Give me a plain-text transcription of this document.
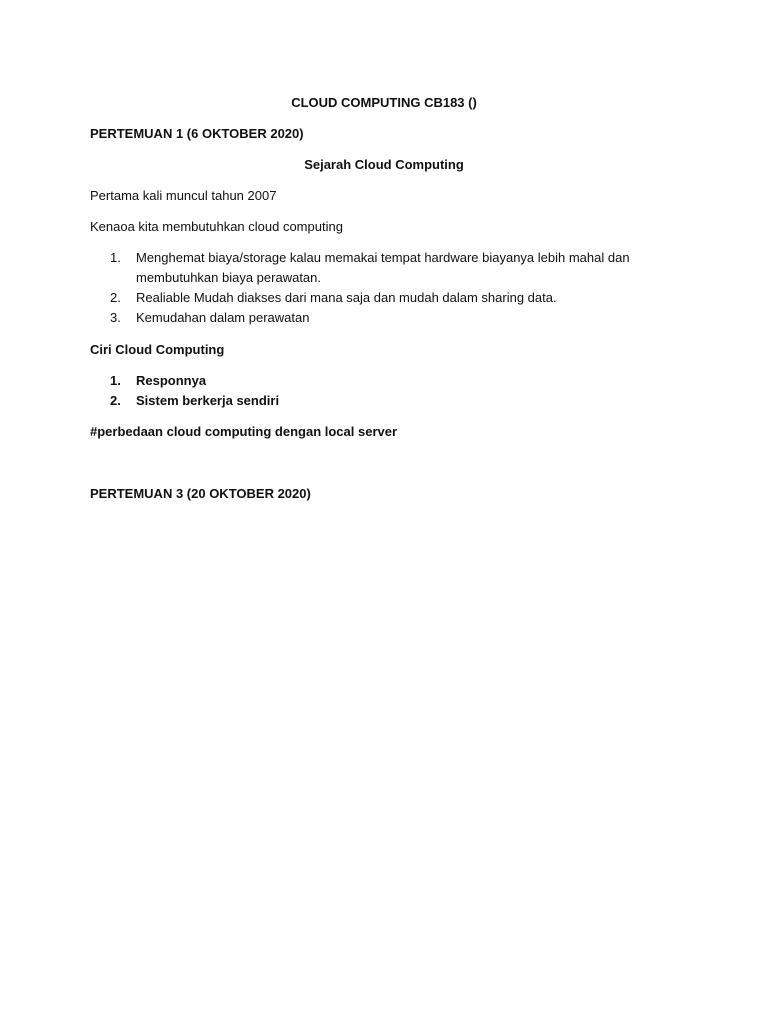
CLOUD COMPUTING CB183 ()
PERTEMUAN 1 (6 OKTOBER 2020)
Sejarah Cloud Computing
Pertama kali muncul tahun 2007
Kenaoa kita membutuhkan cloud computing
1. Menghemat biaya/storage kalau memakai tempat hardware biayanya lebih mahal dan membutuhkan biaya perawatan.
2. Realiable Mudah diakses dari mana saja dan mudah dalam sharing data.
3. Kemudahan dalam perawatan
Ciri Cloud Computing
1. Responnya
2. Sistem berkerja sendiri
#perbedaan cloud computing dengan local server
PERTEMUAN 3 (20 OKTOBER 2020)
